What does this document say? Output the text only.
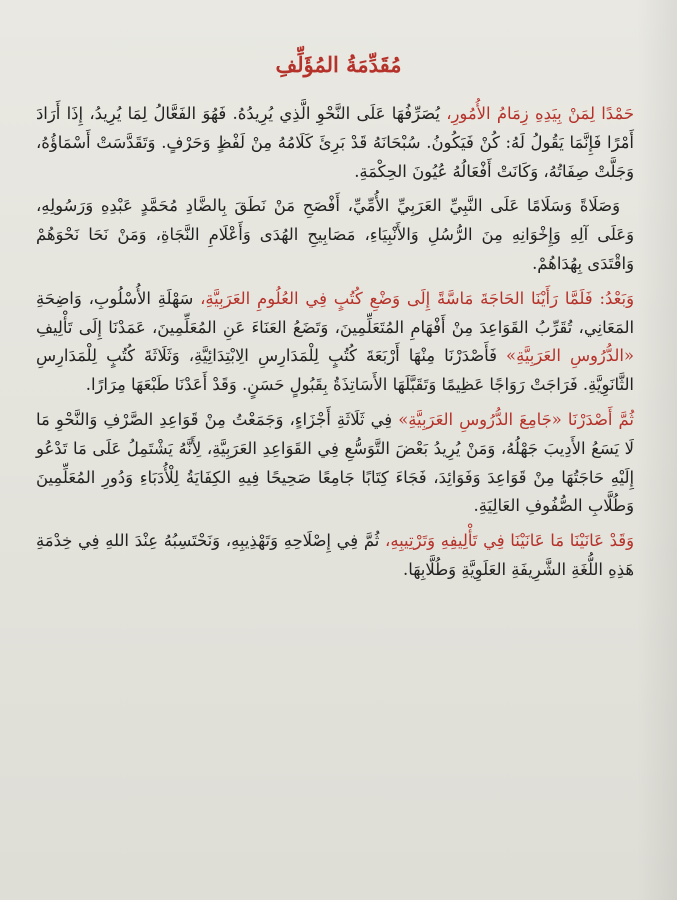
مُقَدِّمَةُ المُؤَلِّفِ

حَمْدًا لِمَنْ بِيَدِهِ زِمَامُ الأُمُورِ، يُصَرِّفُهَا عَلَى النَّحْوِ الَّذِي يُرِيدُهُ. فَهُوَ الفَعَّالُ لِمَا يُرِيدُ، إِذَا أَرَادَ أَمْرًا فَإِنَّمَا يَقُولُ لَهُ: كُنْ فَيَكُونُ. سُبْحَانَهُ قَدْ بَرِئَ كَلَامُهُ مِنْ لَفْظٍ وَحَرْفٍ. وَتَقَدَّسَتْ أَسْمَاؤُهُ، وَجَلَّتْ صِفَاتُهُ، وَكَانَتْ أَفْعَالُهُ عُيُونَ الحِكْمَةِ.

وَصَلَاةً وَسَلَامًا عَلَى النَّبِيِّ العَرَبِيِّ الأُمِّيِّ، أَفْصَحِ مَنْ نَطَقَ بِالضَّادِ مُحَمَّدٍ عَبْدِهِ وَرَسُولِهِ، وَعَلَى آلِهِ وَإِخْوَانِهِ مِنَ الرُّسُلِ وَالأَنْبِيَاءِ، مَصَابِيحِ الهُدَى وَأَعْلَامِ النَّجَاةِ، وَمَنْ نَحَا نَحْوَهُمْ وَاقْتَدَى بِهُدَاهُمْ.

وَبَعْدُ: فَلَمَّا رَأَيْنَا الحَاجَةَ مَاسَّةً إِلَى وَضْعِ كُتُبٍ فِي العُلُومِ العَرَبِيَّةِ، سَهْلَةِ الأُسْلُوبِ، وَاضِحَةِ المَعَانِي، تُقَرِّبُ القَوَاعِدَ مِنْ أَفْهَامِ المُتَعَلِّمِينَ، وَتَضَعُ العَنَاءَ عَنِ المُعَلِّمِينَ، عَمَدْنَا إِلَى تَأْلِيفِ «الدُّرُوسِ العَرَبِيَّةِ» فَأَصْدَرْنَا مِنْهَا أَرْبَعَةَ كُتُبٍ لِلْمَدَارِسِ الِابْتِدَائِيَّةِ، وَثَلَاثَةَ كُتُبٍ لِلْمَدَارِسِ الثَّانَوِيَّةِ. فَرَاجَتْ رَوَاجًا عَظِيمًا وَتَقَبَّلَهَا الأَسَاتِذَةُ بِقَبُولٍ حَسَنٍ. وَقَدْ أَعَدْنَا طَبْعَهَا مِرَارًا.

ثُمَّ أَصْدَرْنَا «جَامِعَ الدُّرُوسِ العَرَبِيَّةِ» فِي ثَلَاثَةِ أَجْزَاءٍ، وَجَمَعْتُ مِنْ قَوَاعِدِ الصَّرْفِ وَالنَّحْوِ مَا لَا يَسَعُ الأَدِيبَ جَهْلُهُ، وَمَنْ يُرِيدُ بَعْضَ التَّوَسُّعِ فِي القَوَاعِدِ العَرَبِيَّةِ، لِأَنَّهُ يَشْتَمِلُ عَلَى مَا تَدْعُو إِلَيْهِ حَاجَتُهَا مِنْ قَوَاعِدَ وَفَوَائِدَ، فَجَاءَ كِتَابًا جَامِعًا صَحِيحًا فِيهِ الكِفَايَةُ لِلْأُدَبَاءِ وَدُورِ المُعَلِّمِينَ وَطُلَّابِ الصُّفُوفِ العَالِيَةِ.

وَقَدْ عَانَيْنَا مَا عَانَيْنَا فِي تَأْلِيفِهِ وَتَرْتِيبِهِ، ثُمَّ فِي إِصْلَاحِهِ وَتَهْذِيبِهِ، وَنَحْتَسِبُهُ عِنْدَ اللهِ فِي خِدْمَةِ هَذِهِ اللُّغَةِ الشَّرِيفَةِ العَلَوِيَّةِ وَطُلَّابِهَا.
